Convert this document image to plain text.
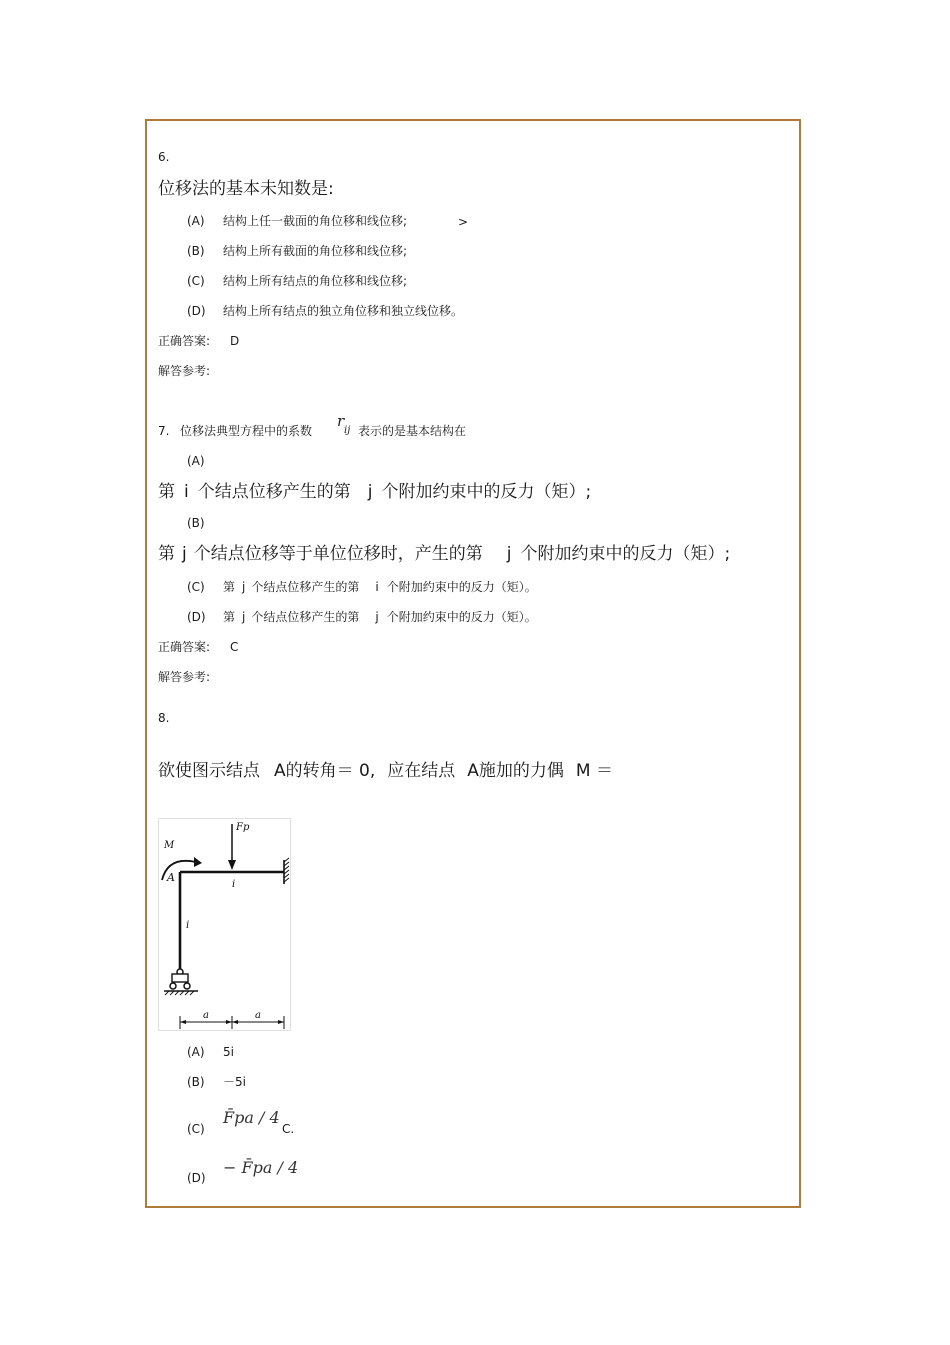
6.
位移法的基本未知数是:
(A) 结构上任一截面的角位移和线位移;	>
(B) 结构上所有截面的角位移和线位移;
(C) 结构上所有结点的角位移和线位移;
(D) 结构上所有结点的独立角位移和独立线位移。
正确答案: D
解答参考:
7. 位移法典型方程中的系数
r
ij 表示的是基本结构在
(A)
第 i 个结点位移产生的第 j 个附加约束中的反力（矩）;
(B)
第 j 个结点位移等于单位位移时，产生的第 j 个附加约束中的反力（矩）;
(C) 第 j 个结点位移产生的第 i 个附加约束中的反力（矩）。
(D) 第 j 个结点位移产生的第 j 个附加约束中的反力（矩）。
正确答案: C
解答参考:
8.
欲使图示结点 A的转角＝ 0, 应在结点 A施加的力偶 M ＝
M
Fp
A
i
i
a	a
(A) 5i
(B) －5i
(C)
F̄pa / 4
C.
(D)
− F̄pa / 4
